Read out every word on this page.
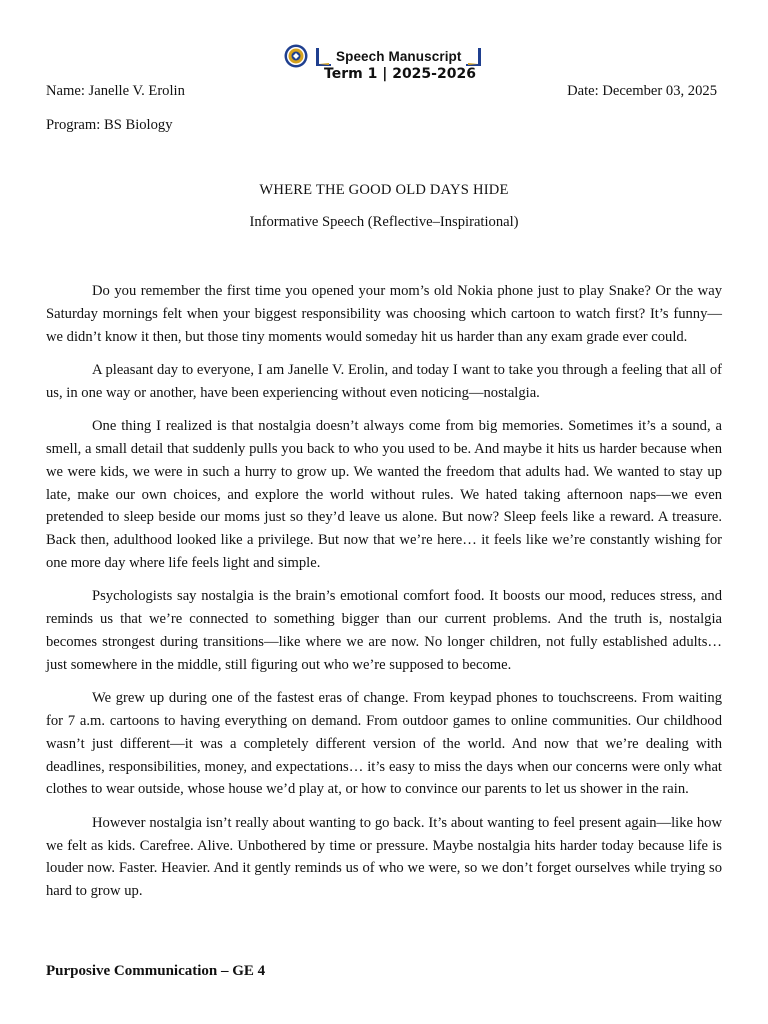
Speech Manuscript
Term 1 | 2025-2026
Name: Janelle V. Erolin	Date: December 03, 2025
Program: BS Biology
WHERE THE GOOD OLD DAYS HIDE
Informative Speech (Reflective–Inspirational)

Do you remember the first time you opened your mom’s old Nokia phone just to play Snake? Or the way Saturday mornings felt when your biggest responsibility was choosing which cartoon to watch first? It’s funny—we didn’t know it then, but those tiny moments would someday hit us harder than any exam grade ever could.

A pleasant day to everyone, I am Janelle V. Erolin, and today I want to take you through a feeling that all of us, in one way or another, have been experiencing without even noticing—nostalgia.

One thing I realized is that nostalgia doesn’t always come from big memories. Sometimes it’s a sound, a smell, a small detail that suddenly pulls you back to who you used to be. And maybe it hits us harder because when we were kids, we were in such a hurry to grow up. We wanted the freedom that adults had. We wanted to stay up late, make our own choices, and explore the world without rules. We hated taking afternoon naps—we even pretended to sleep beside our moms just so they’d leave us alone. But now? Sleep feels like a reward. A treasure. Back then, adulthood looked like a privilege. But now that we’re here… it feels like we’re constantly wishing for one more day where life feels light and simple.

Psychologists say nostalgia is the brain’s emotional comfort food. It boosts our mood, reduces stress, and reminds us that we’re connected to something bigger than our current problems. And the truth is, nostalgia becomes strongest during transitions—like where we are now. No longer children, not fully established adults… just somewhere in the middle, still figuring out who we’re supposed to become.

We grew up during one of the fastest eras of change. From keypad phones to touchscreens. From waiting for 7 a.m. cartoons to having everything on demand. From outdoor games to online communities. Our childhood wasn’t just different—it was a completely different version of the world. And now that we’re dealing with deadlines, responsibilities, money, and expectations… it’s easy to miss the days when our concerns were only what clothes to wear outside, whose house we’d play at, or how to convince our parents to let us shower in the rain.

However nostalgia isn’t really about wanting to go back. It’s about wanting to feel present again—like how we felt as kids. Carefree. Alive. Unbothered by time or pressure. Maybe nostalgia hits harder today because life is louder now. Faster. Heavier. And it gently reminds us of who we were, so we don’t forget ourselves while trying so hard to grow up.

Purposive Communication – GE 4
